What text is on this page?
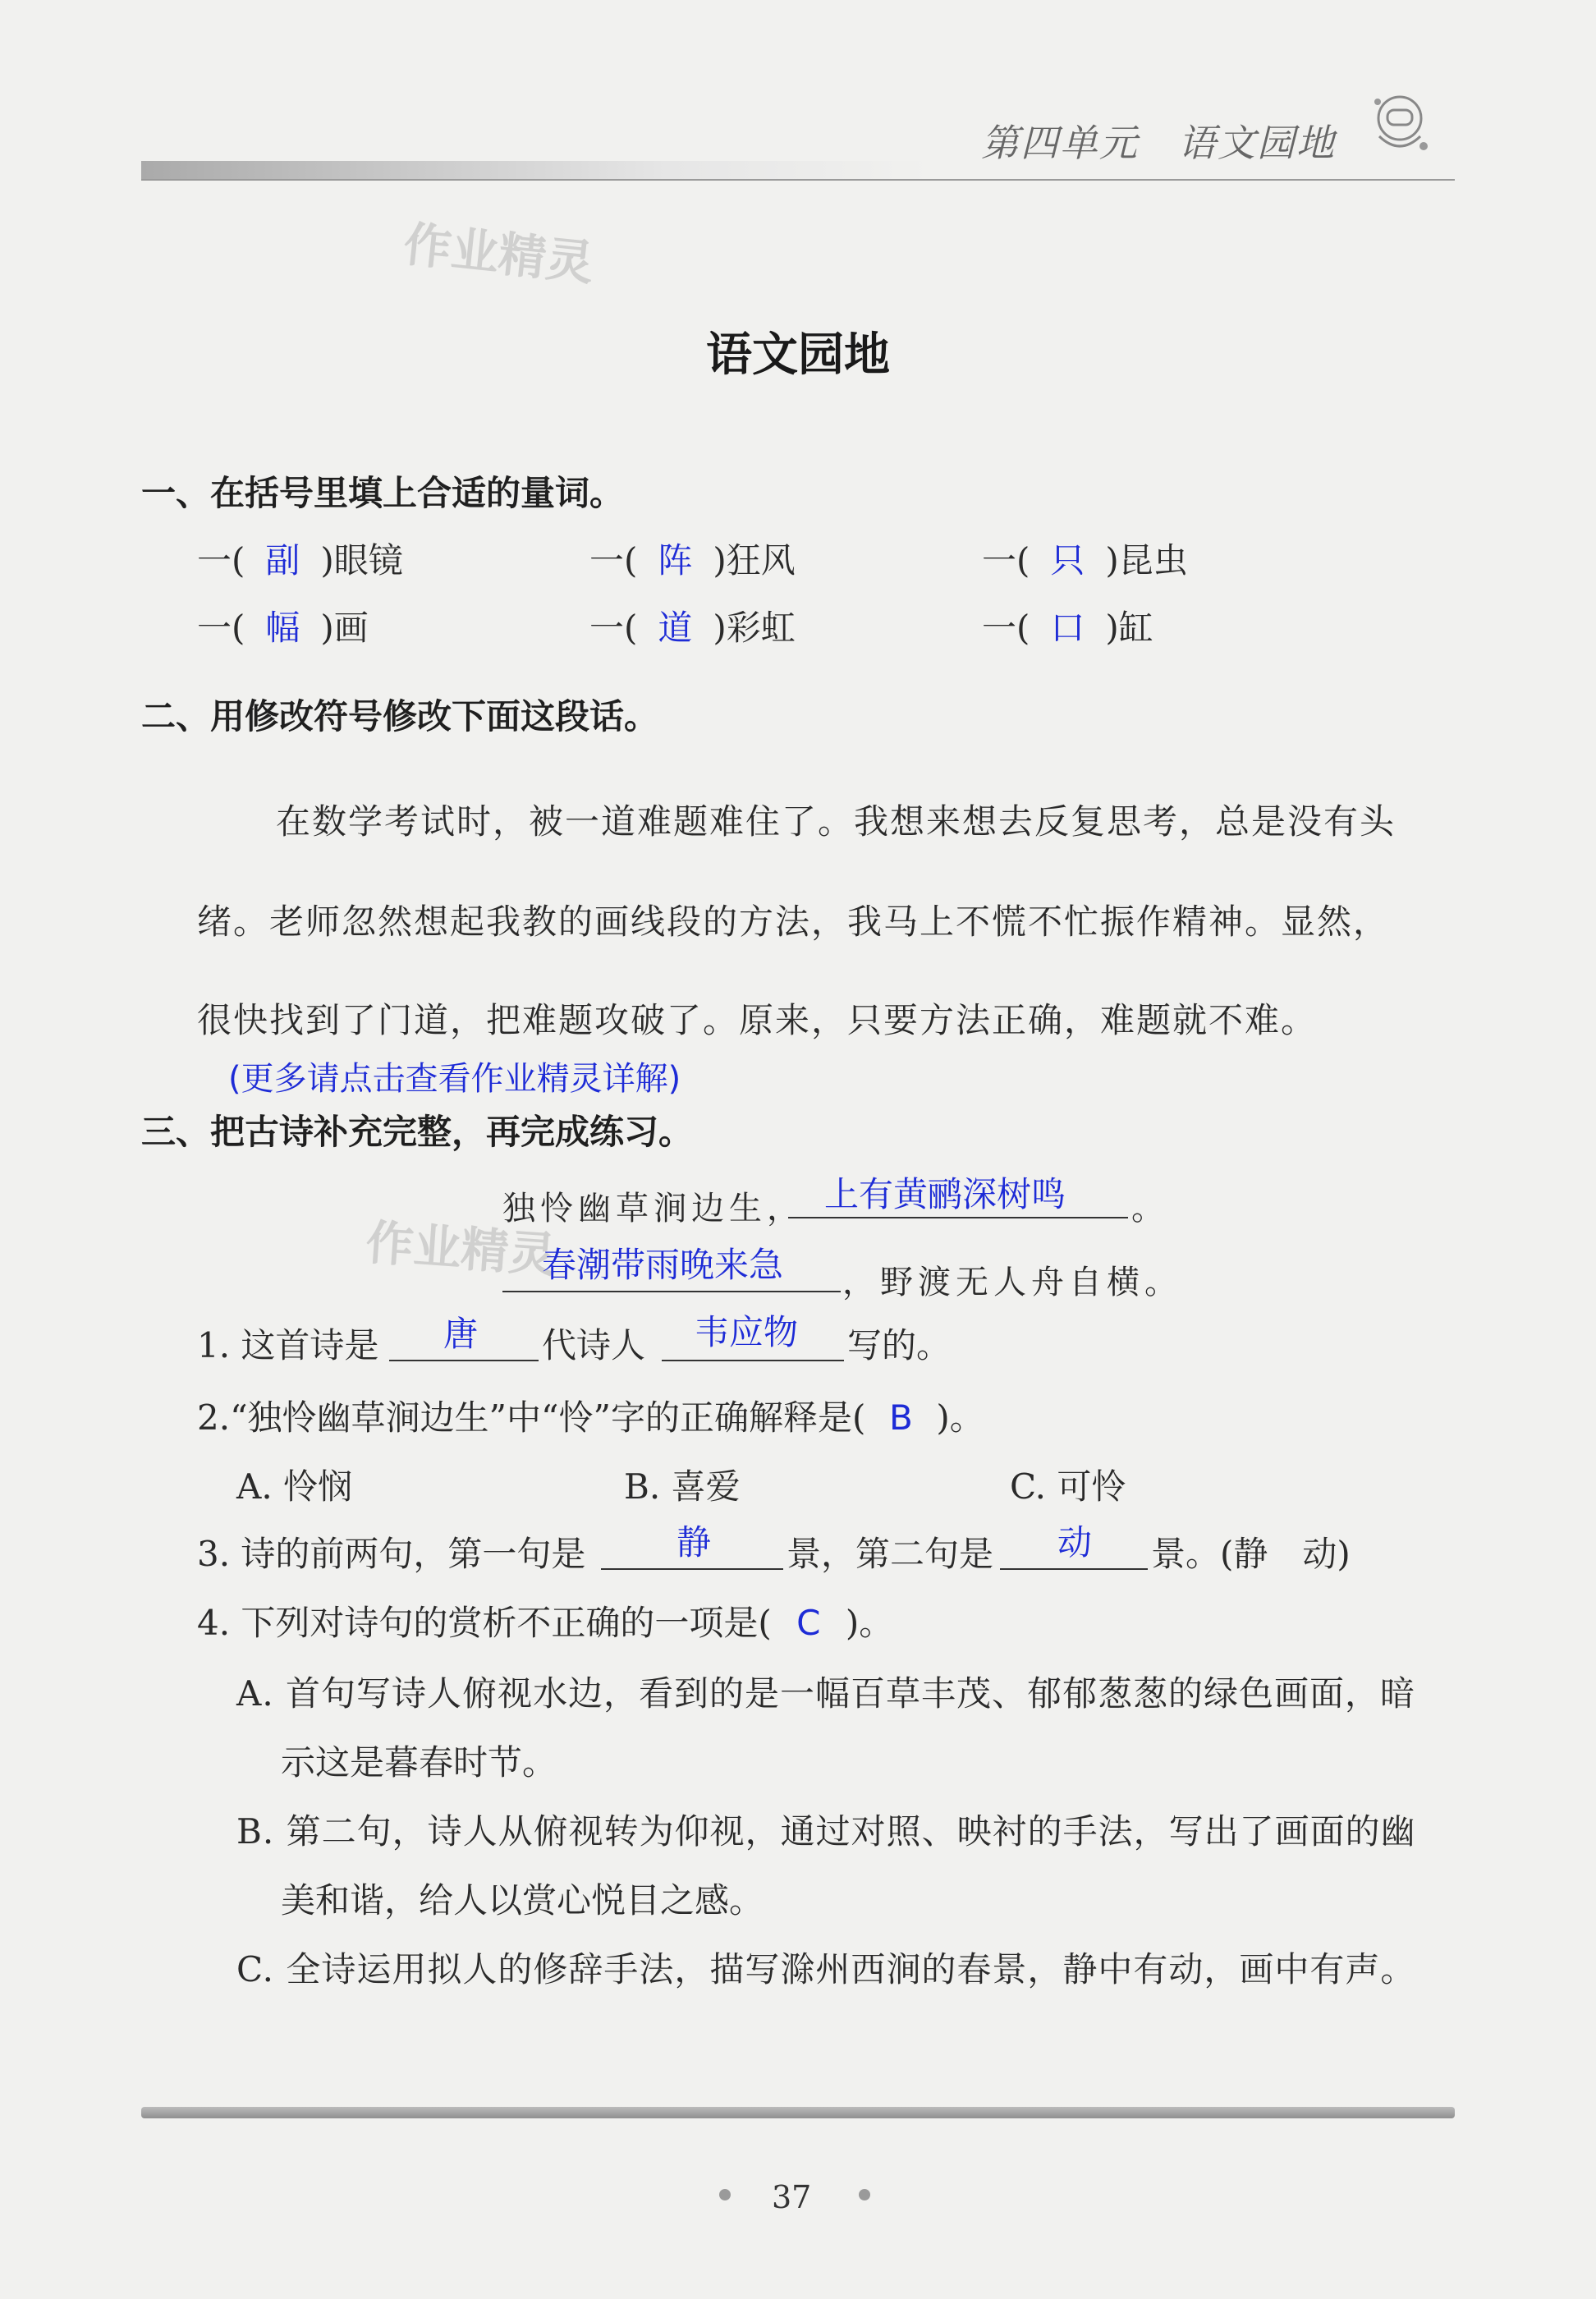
第四单元　语文园地
作业精灵
作业精灵
语文园地
一、在括号里填上合适的量词。
一( 副 )眼镜	一( 阵 )狂风	一( 只 )昆虫
一( 幅 )画	一( 道 )彩虹	一( 口 )缸
二、用修改符号修改下面这段话。
在数学考试时，被一道难题难住了。我想来想去反复思考，总是没有头
绪。老师忽然想起我教的画线段的方法，我马上不慌不忙振作精神。显然，
很快找到了门道，把难题攻破了。原来，只要方法正确，难题就不难。
(更多请点击查看作业精灵详解)
三、把古诗补充完整，再完成练习。
独怜幽草涧边生， 上有黄鹂深树鸣 。
春潮带雨晚来急 ，野渡无人舟自横。
1. 这首诗是 唐 代诗人 韦应物 写的。
2.“独怜幽草涧边生”中“怜”字的正确解释是( B )。
A. 怜悯	B. 喜爱	C. 可怜
3. 诗的前两句，第一句是	静 景，第二句是 动 景。(静　动)
4. 下列对诗句的赏析不正确的一项是( C )。
A. 首句写诗人俯视水边，看到的是一幅百草丰茂、郁郁葱葱的绿色画面，暗
示这是暮春时节。
B. 第二句，诗人从俯视转为仰视，通过对照、映衬的手法，写出了画面的幽
美和谐，给人以赏心悦目之感。
C. 全诗运用拟人的修辞手法，描写滁州西涧的春景，静中有动，画中有声。
37
